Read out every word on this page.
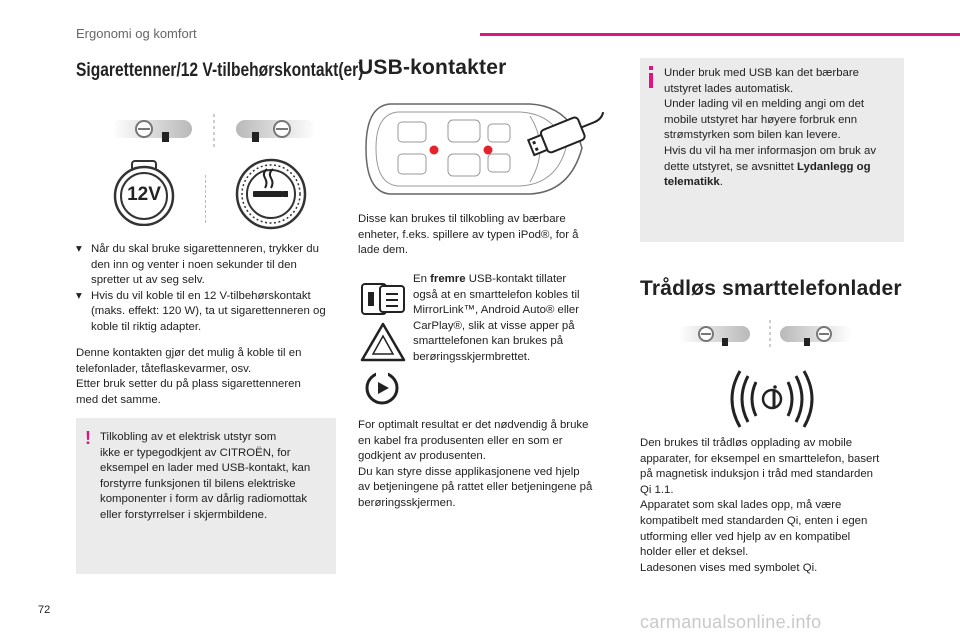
Ergonomi og komfort
Sigarettenner/12 V-tilbehørskontakt(er)
12V

▾ Når du skal bruke sigarettenneren, trykker du den inn og venter i noen sekunder til den spretter ut av seg selv.

▾ Hvis du vil koble til en 12 V-tilbehørskontakt (maks. effekt: 120 W), ta ut sigarettenneren og koble til riktig adapter.

Denne kontakten gjør det mulig å koble til en
telefonlader, tåteflaskevarmer, osv.
Etter bruk setter du på plass sigarettenneren
med det samme.
! Tilkobling av et elektrisk utstyr som
ikke er typegodkjent av CITROËN, for
eksempel en lader med USB-kontakt, kan
forstyrre funksjonen til bilens elektriske
komponenter i form av dårlig radiomottak
eller forstyrrelser i skjermbildene.
USB-kontakter
Disse kan brukes til tilkobling av bærbare
enheter, f.eks. spillere av typen iPod®, for å
lade dem.
En fremre USB-kontakt tillater
også at en smarttelefon kobles til
MirrorLink™, Android Auto® eller
CarPlay®, slik at visse apper på
smarttelefonen kan brukes på
berøringsskjermbrettet.
For optimalt resultat er det nødvendig å bruke
en kabel fra produsenten eller en som er
godkjent av produsenten.
Du kan styre disse applikasjonene ved hjelp
av betjeningene på rattet eller betjeningene på
berøringsskjermen.
Under bruk med USB kan det bærbare
utstyret lades automatisk.
Under lading vil en melding angi om det
mobile utstyret har høyere forbruk enn
strømstyrken som bilen kan levere.
Hvis du vil ha mer informasjon om bruk av
dette utstyret, se avsnittet Lydanlegg og
telematikk.
Trådløs smarttelefonlader
Den brukes til trådløs opplading av mobile
apparater, for eksempel en smarttelefon, basert
på magnetisk induksjon i tråd med standarden
Qi 1.1.
Apparatet som skal lades opp, må være
kompatibelt med standarden Qi, enten i egen
utforming eller ved hjelp av en kompatibel
holder eller et deksel.
Ladesonen vises med symbolet Qi.
72
carmanualsonline.info
